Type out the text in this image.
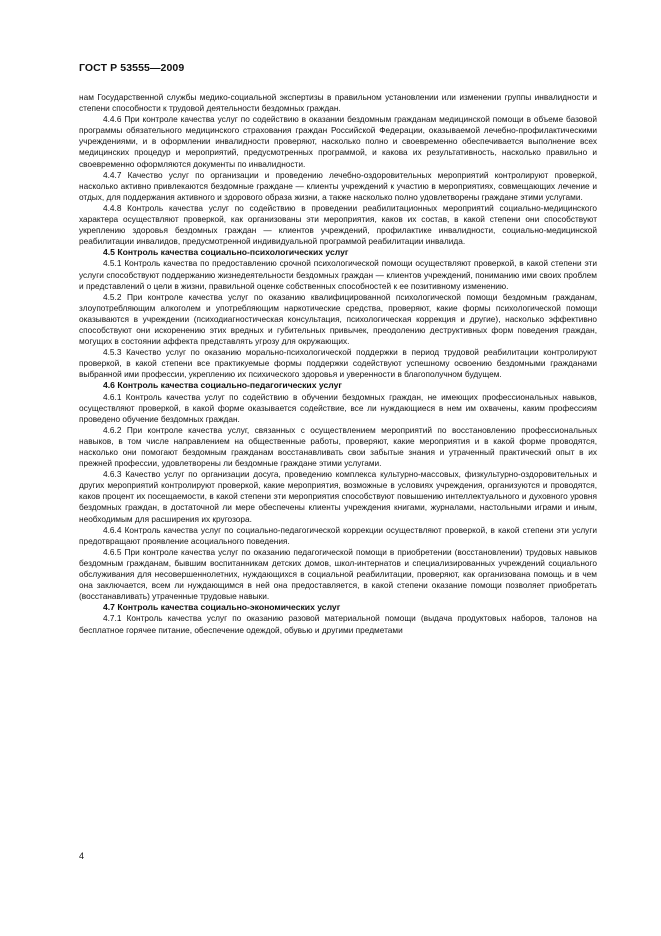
ГОСТ Р 53555—2009

нам Государственной службы медико-социальной экспертизы в правильном установлении или изменении группы инвалидности и степени способности к трудовой деятельности бездомных граждан.

4.4.6 При контроле качества услуг по содействию в оказании бездомным гражданам медицинской помощи в объеме базовой программы обязательного медицинского страхования граждан Российской Федерации, оказываемой лечебно-профилактическими учреждениями, и в оформлении инвалидности проверяют, насколько полно и своевременно обеспечивается выполнение всех медицинских процедур и мероприятий, предусмотренных программой, и какова их результативность, насколько правильно и своевременно оформляются документы по инвалидности.

4.4.7 Качество услуг по организации и проведению лечебно-оздоровительных мероприятий контролируют проверкой, насколько активно привлекаются бездомные граждане — клиенты учреждений к участию в мероприятиях, совмещающих лечение и отдых, для поддержания активного и здорового образа жизни, а также насколько полно удовлетворены граждане этими услугами.

4.4.8 Контроль качества услуг по содействию в проведении реабилитационных мероприятий социально-медицинского характера осуществляют проверкой, как организованы эти мероприятия, каков их состав, в какой степени они способствуют укреплению здоровья бездомных граждан — клиентов учреждений, профилактике инвалидности, социально-медицинской реабилитации инвалидов, предусмотренной индивидуальной программой реабилитации инвалида.

4.5 Контроль качества социально-психологических услуг

4.5.1 Контроль качества по предоставлению срочной психологической помощи осуществляют проверкой, в какой степени эти услуги способствуют поддержанию жизнедеятельности бездомных граждан — клиентов учреждений, пониманию ими своих проблем и представлений о цели в жизни, правильной оценке собственных способностей к ее позитивному изменению.

4.5.2 При контроле качества услуг по оказанию квалифицированной психологической помощи бездомным гражданам, злоупотребляющим алкоголем и употребляющим наркотические средства, проверяют, какие формы психологической помощи оказываются в учреждении (психодиагностическая консультация, психологическая коррекция и другие), насколько эффективно способствуют они искоренению этих вредных и губительных привычек, преодолению деструктивных форм поведения граждан, могущих в состоянии аффекта представлять угрозу для окружающих.

4.5.3 Качество услуг по оказанию морально-психологической поддержки в период трудовой реабилитации контролируют проверкой, в какой степени все практикуемые формы поддержки содействуют успешному освоению бездомными гражданами выбранной ими профессии, укреплению их психического здоровья и уверенности в благополучном будущем.

4.6 Контроль качества социально-педагогических услуг

4.6.1 Контроль качества услуг по содействию в обучении бездомных граждан, не имеющих профессиональных навыков, осуществляют проверкой, в какой форме оказывается содействие, все ли нуждающиеся в нем им охвачены, каким профессиям проведено обучение бездомных граждан.

4.6.2 При контроле качества услуг, связанных с осуществлением мероприятий по восстановлению профессиональных навыков, в том числе направлением на общественные работы, проверяют, какие мероприятия и в какой форме проводятся, насколько они помогают бездомным гражданам восстанавливать свои забытые знания и утраченный практический опыт в их прежней профессии, удовлетворены ли бездомные граждане этими услугами.

4.6.3 Качество услуг по организации досуга, проведению комплекса культурно-массовых, физкультурно-оздоровительных и других мероприятий контролируют проверкой, какие мероприятия, возможные в условиях учреждения, организуются и проводятся, каков процент их посещаемости, в какой степени эти мероприятия способствуют повышению интеллектуального и духовного уровня бездомных граждан, в достаточной ли мере обеспечены клиенты учреждения книгами, журналами, настольными играми и иным, необходимым для расширения их кругозора.

4.6.4 Контроль качества услуг по социально-педагогической коррекции осуществляют проверкой, в какой степени эти услуги предотвращают проявление асоциального поведения.

4.6.5 При контроле качества услуг по оказанию педагогической помощи в приобретении (восстановлении) трудовых навыков бездомным гражданам, бывшим воспитанникам детских домов, школ-интернатов и специализированных учреждений социального обслуживания для несовершеннолетних, нуждающихся в социальной реабилитации, проверяют, как организована помощь и в чем она заключается, всем ли нуждающимся в ней она предоставляется, в какой степени оказание помощи позволяет приобретать (восстанавливать) утраченные трудовые навыки.

4.7 Контроль качества социально-экономических услуг

4.7.1 Контроль качества услуг по оказанию разовой материальной помощи (выдача продуктовых наборов, талонов на бесплатное горячее питание, обеспечение одеждой, обувью и другими предметами

4
